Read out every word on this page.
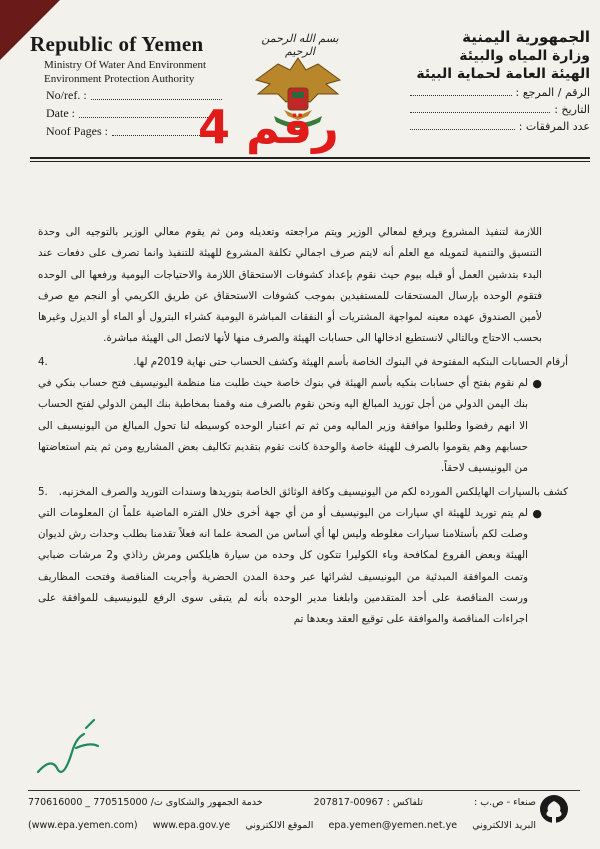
Republic of Yemen
Ministry Of Water And Environment
Environment Protection Authority
No/ref. :
Date :
Noof Pages :
بسم الله الرحمن الرحيم
رقم 4
الجمهورية اليمنية
وزارة المياه والبيئة
الهيئة العامة لحماية البيئة
الرقم / المرجع :
التاريخ :
عدد المرفقات :

اللازمة لتنفيذ المشروع ويرفع لمعالي الوزير ويتم مراجعته وتعديله ومن ثم يقوم معالي الوزير بالتوجيه الى وحدة التنسيق والتنمية لتمويله مع العلم أنه لايتم صرف اجمالي تكلفة المشروع للهيئة للتنفيذ وانما تصرف على دفعات عند البدء بتدشين العمل أو قبله بيوم حيث نقوم بإعداد كشوفات الاستحقاق اللازمة والاحتياجات اليومية ورفعها الى الوحده فتقوم الوحده بإرسال المستحقات للمستفيدين بموجب كشوفات الاستحقاق عن طريق الكريمي أو النجم مع صرف لأمين الصندوق عهده معينه لمواجهة المشتريات أو النفقات المباشرة اليومية كشراء البترول أو الماء أو الديزل وغيرها بحسب الاحتاج وبالتالي لانستطيع ادخالها الى حسابات الهيئة والصرف منها لأنها لاتصل الى الهيئة مباشرة.

أرقام الحسابات البنكيه المفتوحة في البنوك الخاصة بأسم الهيئة وكشف الحساب حتى نهاية 2019م لها.
4.
●
لم نقوم بفتح أي حسابات بنكيه بأسم الهيئة في بنوك خاصة حيث طلبت منا منظمة اليونيسيف فتح حساب بنكي في بنك اليمن الدولي من أجل توريد المبالغ اليه ونحن نقوم بالصرف منه وقمنا بمخاطبة بنك اليمن الدولي لفتح الحساب الا انهم رفضوا وطلبوا موافقة وزير الماليه ومن ثم تم اعتبار الوحده كوسيطه لنا تحول المبالغ من اليونيسيف الى حسابهم وهم يقوموا بالصرف للهيئة خاصة والوحدة كانت تقوم بتقديم تكاليف بعض المشاريع ومن ثم يتم استعاضتها من اليونيسيف لاحقاً.
كشف بالسيارات الهايلكس المورده لكم من اليونيسيف وكافة الوثائق الخاصة بتوريدها وسندات التوريد والصرف المخزنيه.
5.
●
لم يتم توريد للهيئة اي سيارات من اليونيسيف أو من أي جهة أخرى خلال الفتره الماضية علماً ان المعلومات التي وصلت لكم بأستلامنا سيارات مغلوطه وليس لها أي أساس من الصحة علما انه فعلاً تقدمنا بطلب وحدات رش لديوان الهيئة وبعض الفروع لمكافحة وباء الكوليرا تتكون كل وحده من سيارة هايلكس ومرش رذاذي و2 مرشات ضبابي وتمت الموافقة المبدئية من اليونيسيف لشرائها عبر وحدة المدن الحضرية وأجريت المناقصة وفتحت المظاريف ورست المناقصة على أحد المتقدمين وابلغنا مدير الوحده بأنه لم يتبقى سوى الرفع لليونيسيف للموافقة على اجراءات المناقصة والموافقة على توقيع العقد وبعدها تم
صنعاء - ص.ب :
تلفاكس : 00967-207817
خدمة الجمهور والشكاوى ت/ 770515000 _ 770616000
البريد الالكتروني
epa.yemen@yemen.net.ye
الموقع الالكتروني
www.epa.gov.ye
(www.epa.yemen.com)
